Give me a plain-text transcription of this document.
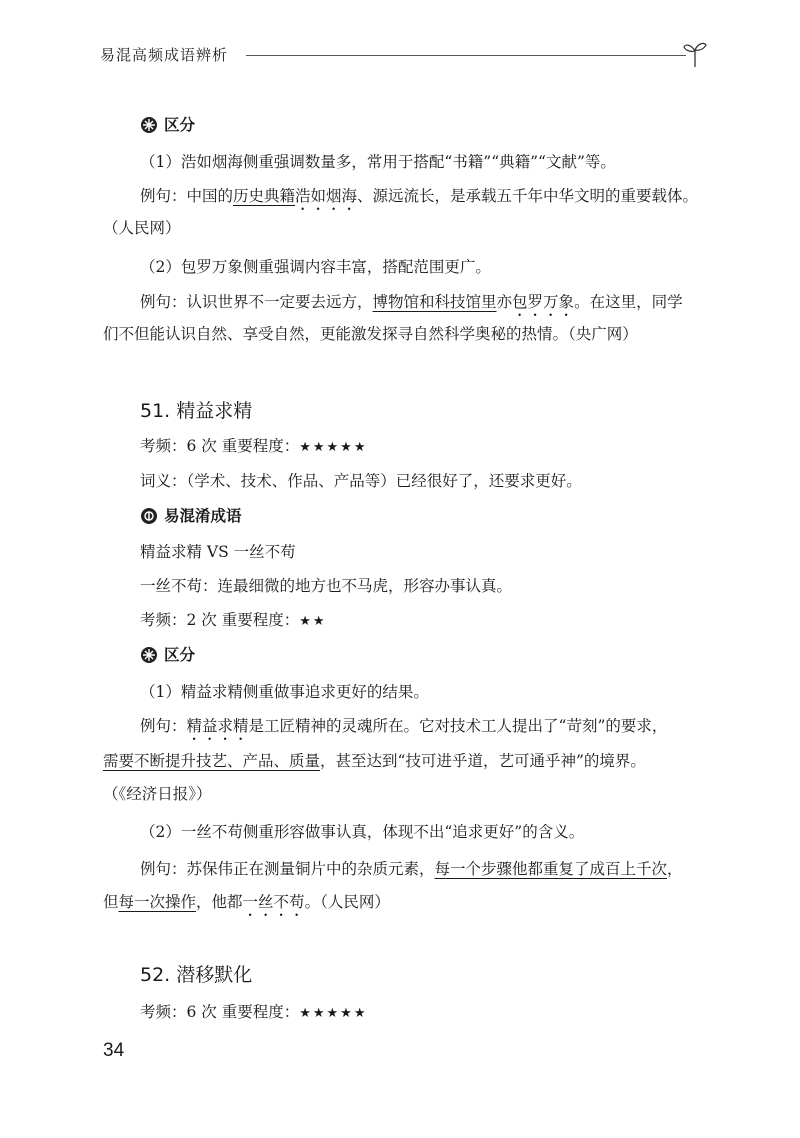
易混高频成语辨析
区分
（1）浩如烟海侧重强调数量多，常用于搭配“书籍”“典籍”“文献”等。
例句：中国的历史典籍浩如烟海、源远流长，是承载五千年中华文明的重要载体。
（人民网）
（2）包罗万象侧重强调内容丰富，搭配范围更广。
例句：认识世界不一定要去远方，博物馆和科技馆里亦包罗万象。在这里，同学
们不但能认识自然、享受自然，更能激发探寻自然科学奥秘的热情。（央广网）
51. 精益求精
考频：6 次 重要程度：★★★★★
词义：（学术、技术、作品、产品等）已经很好了，还要求更好。
易混淆成语
精益求精 VS 一丝不苟
一丝不苟：连最细微的地方也不马虎，形容办事认真。
考频：2 次 重要程度：★★
区分
（1）精益求精侧重做事追求更好的结果。
例句：精益求精是工匠精神的灵魂所在。它对技术工人提出了“苛刻”的要求，
需要不断提升技艺、产品、质量，甚至达到“技可进乎道，艺可通乎神”的境界。
（《经济日报》）
（2）一丝不苟侧重形容做事认真，体现不出“追求更好”的含义。
例句：苏保伟正在测量铜片中的杂质元素，每一个步骤他都重复了成百上千次，
但每一次操作，他都一丝不苟。（人民网）
52. 潜移默化
考频：6 次 重要程度：★★★★★
34
